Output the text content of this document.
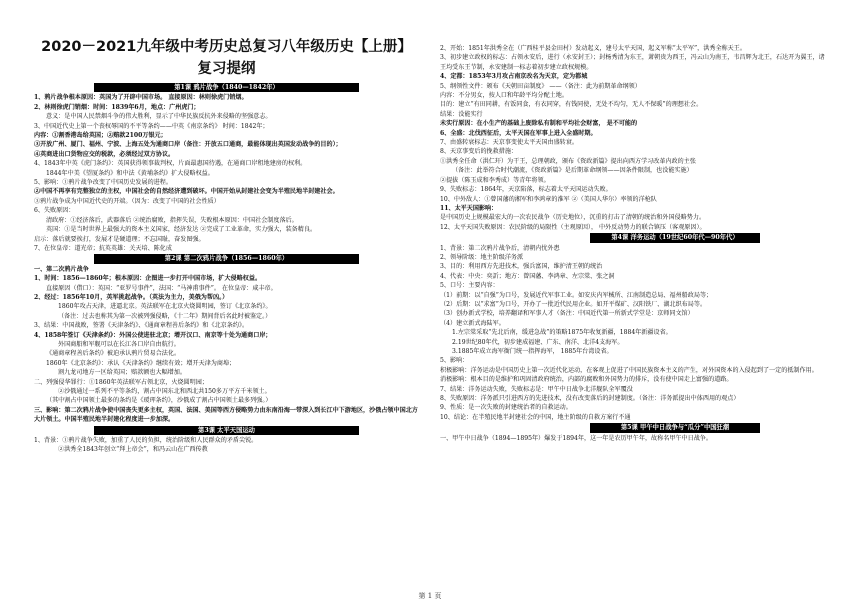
2020－2021九年级中考历史总复习八年级历史【上册】复习提纲
第1课 鸦片战争（1840—1842年）
1、鸦片战争根本原因：英国为了开辟中国市场。 直接原因：林则徐虎门销烟。
2、林则徐虎门销烟：时间：1839年6月，地点：广州虎门；
意义：是中国人民禁烟斗争的伟大胜利，显示了中华民族反抗外来侵略的坚强意志。
3、中国近代史上第一个丧权辱国的不平等条约——中英《南京条约》 时间：1842年；
内容：①割香港岛给英国；②赔款2100万银元；
③开放广州、厦门、福州、宁波、上海五处为通商口岸（备注：开放五口通商，最能体现出英国发动战争的目的）；
④英商进出口货物应交的税款，必须经过双方协议。
4、1843年中英《虎门条约》：英国获得领事裁判权，片面最惠国待遇，在通商口岸租地建房的权利。
1844年中美《望厦条约》和中法《黄埔条约》扩大侵略权益。
5、影响：①鸦片战争改变了中国历史发展的进程。
②中国不再享有完整独立的主权，中国社会的自然经济遭到破坏。中国开始从封建社会变为半殖民地半封建社会。
③鸦片战争成为中国近代史的开端。（因为：改变了中国的社会性质）
6、失败原因：
清政府：①经济落后，武器落后 ②统治腐败，指挥失误，失败根本原因：中国社会制度落后。
英国：①是当时世界上最强大的资本主义国家，经济发达 ②完成了工业革命，实力强大，装备精良。
启示：落后就要挨打，发展才是硬道理；不忘国耻，奋发图强。
7、在位皇帝：道光帝；抗英英雄：关天培、陈化成
第2课 第二次鸦片战争（1856—1860年）
一、第二次鸦片战争
1、时间：1856—1860年；根本原因：企图进一步打开中国市场，扩大侵略权益。
直接原因（借口）：英国：“亚罗号事件”，法国：“马神甫事件”。 在位皇帝：咸丰帝。
2、经过：1856年10月，英军挑起战争。（英法为主力，美俄为帮凶。）
1860年攻占天津，进逼北京。英法联军在北京火烧圆明园，签订《北京条约》。
（备注：过去也称其为第一次被列强侵略，《十二年》期间背后名此时被鉴定。）
3、结果：中国战败，签署《天津条约》、《通商章程善后条约》和《北京条约》。
4、1858年签订《天津条约》：外国公使进驻北京；增开汉口、南京等十处为通商口岸；
外国商船和军舰可以在长江各口岸自由航行。
《通商章程善后条约》被迫承认鸦片贸易合法化。
1860年《北京条约》：承认《天津条约》继续有效；增开天津为商埠；
割九龙司地方一区给英国；赔款额也大幅增加。
二、列强侵华罪行：①1860年英法联军占领北京，火烧圆明园；
②沙俄通过一系列不平等条约，割占中国东北和西北共150多万平方千米领土。
（其中割占中国领土最多的条约是《瑷珲条约》，沙俄成了割占中国领土最多列强。）
三、影响：第二次鸦片战争使中国丧失更多主权，英国、法国、美国等西方侵略势力由东南沿海一带深入到长江中下游地区，沙俄占领中国北方大片领土。中国半殖民地半封建化程度进一步加深。
第3课 太平天国运动
1、背景：①鸦片战争失败，加重了人民的负担，统治阶级和人民群众的矛盾尖锐。
②洪秀全1843年创立“拜上帝会”，和冯云山在广西传教
2、开始：1851年洪秀全在（广西桂平县金田村）发动起义，建号太平天国，起义军称“太平军”，洪秀全称天王。
3、初步建立政权的标志：占领永安后，进行（永安封王）；封杨秀清为东王，萧朝贵为西王，冯云山为南王，韦昌辉为北王，石达开为翼王，诸王均受东王节制，永安建制一标志着初步建立政权规模。
4、定都：1853年3月攻占南京改名为天京，定为都城
5、纲领性文件：颁布《天朝田亩制度》 ——（备注：此为前期革命纲领）
内容：不分男女，按人口和年龄平均分配土地。
目的：建立“有田同耕，有饭同食，有衣同穿，有钱同使，无处不均匀，无人不保暖”的理想社会。
结果：没能实行
未实行原因：在小生产的基础上废除私有制和平均社会财富， 是不可能的
6、全盛：北伐西征后，太平天国在军事上进入全盛时期。
7、由盛转衰标志：天京事变使太平天国由盛转衰。
8、天京事变后的挽救措施：
①洪秀全任命（洪仁玕）为干王，总理朝政，颁布《资政新篇》提出向西方学习改革内政的主张
（备注：此举符合时代潮流，《资政新篇》是后期革命纲领——因条件限制，也没能实施）
②提拔（陈玉成和李秀成）等青年将领。
9、失败标志：1864年，天京陷落，标志着太平天国运动失败。
10、中外敌人：①曾国藩的湘军和李鸿章的淮军 ②（美国人华尔）率领的洋枪队
11、太平天国影响：
是中国历史上规模最宏大的一次农民战争（历史地位），沉重的打击了清朝的统治和外国侵略势力。
12、太平天国失败原因：农民阶级的局限性（主观原因）， 中外反动势力的联合镇压（客观原因）。
第4课 洋务运动（19世纪60年代—90年代）
1、背景：第二次鸦片战争后，清朝内忧外患
2、领导阶级：地主阶级洋务派
3、目的：利用西方先进技术，强兵富国，维护清王朝的统治
4、代表：中央：奕訢；地方：曾国藩、李鸿章、左宗棠、张之洞
5、口号：主要内容：
（1）前期：以“自强”为口号，发展近代军事工业。如安庆内军械所、江南制造总局、福州船政局等；
（2）后期：以“求富”为口号，开办了一批近代民用企业。如开平煤矿、汉阳铁厂、湖北织布局等。
（3）创办新式学校，培养翻译和军事人才（备注：中国近代第一所新式学堂是：京师同文馆）
（4）建立新式海陆军。
1.左宗棠采取“先北后南，缓进急战”的策略1875年收复新疆，1884年新疆设省。
2.19世纪80年代，初步建成福建、广东、南洋、北洋4支海军。
3.1885年成立海军衙门统一指挥海军， 1885年台湾设省。
5、影响：
积极影响：洋务运动是中国历史上第一次近代化运动，在客观上促进了中国民族资本主义的产生，对外国资本的入侵起到了一定的抵制作用。
消极影响：根本目的是维护和巩固清政府统治，内部的腐败和外国势力的排斥，没有使中国走上富强的道路。
7、结果：洋务运动失败，失败标志是：甲午中日战争北洋舰队全军覆没
8、失败原因：洋务派只引进西方的先进技术，没有改变落后的封建制度。（备注：洋务派提出中体西用的观点）
9、性质：是一次失败的封建统治者的自救运动。
10、结论：在半殖民地半封建社会的中国，地主阶级的自救方案行不通
第5课 甲午中日战争与“瓜分”中国狂潮
一、甲午中日战争（1894—1895年）爆发于1894年，这一年是农历甲午年，故称名甲午中日战争。
第 1 页
